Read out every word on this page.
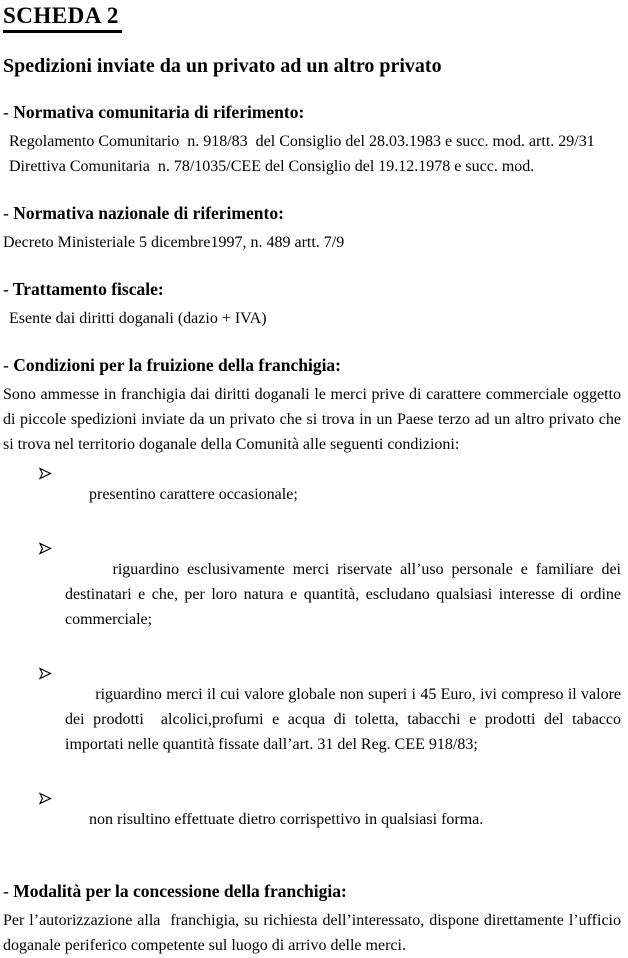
SCHEDA 2
Spedizioni inviate da un privato ad un altro privato
- Normativa comunitaria di riferimento:

Regolamento Comunitario  n. 918/83  del Consiglio del 28.03.1983 e succ. mod. artt. 29/31

Direttiva Comunitaria  n. 78/1035/CEE del Consiglio del 19.12.1978 e succ. mod.

- Normativa nazionale di riferimento:

Decreto Ministeriale 5 dicembre1997, n. 489 artt. 7/9

- Trattamento fiscale:

Esente dai diritti doganali (dazio + IVA)

- Condizioni per la fruizione della franchigia:

Sono ammesse in franchigia dai diritti doganali le merci prive di carattere commerciale oggetto di piccole spedizioni inviate da un privato che si trova in un Paese terzo ad un altro privato che si trova nel territorio doganale della Comunità alle seguenti condizioni:

presentino carattere occasionale;

riguardino esclusivamente merci riservate all’uso personale e familiare dei destinatari e che, per loro natura e quantità, escludano qualsiasi interesse di ordine commerciale;

riguardino merci il cui valore globale non superi i 45 Euro, ivi compreso il valore dei prodotti  alcolici,profumi e acqua di toletta, tabacchi e prodotti del tabacco importati nelle quantità fissate dall’art. 31 del Reg. CEE 918/83;

non risultino effettuate dietro corrispettivo in qualsiasi forma.

- Modalità per la concessione della franchigia:

Per l’autorizzazione alla  franchigia, su richiesta dell’interessato, dispone direttamente l’ufficio doganale periferico competente sul luogo di arrivo delle merci.
